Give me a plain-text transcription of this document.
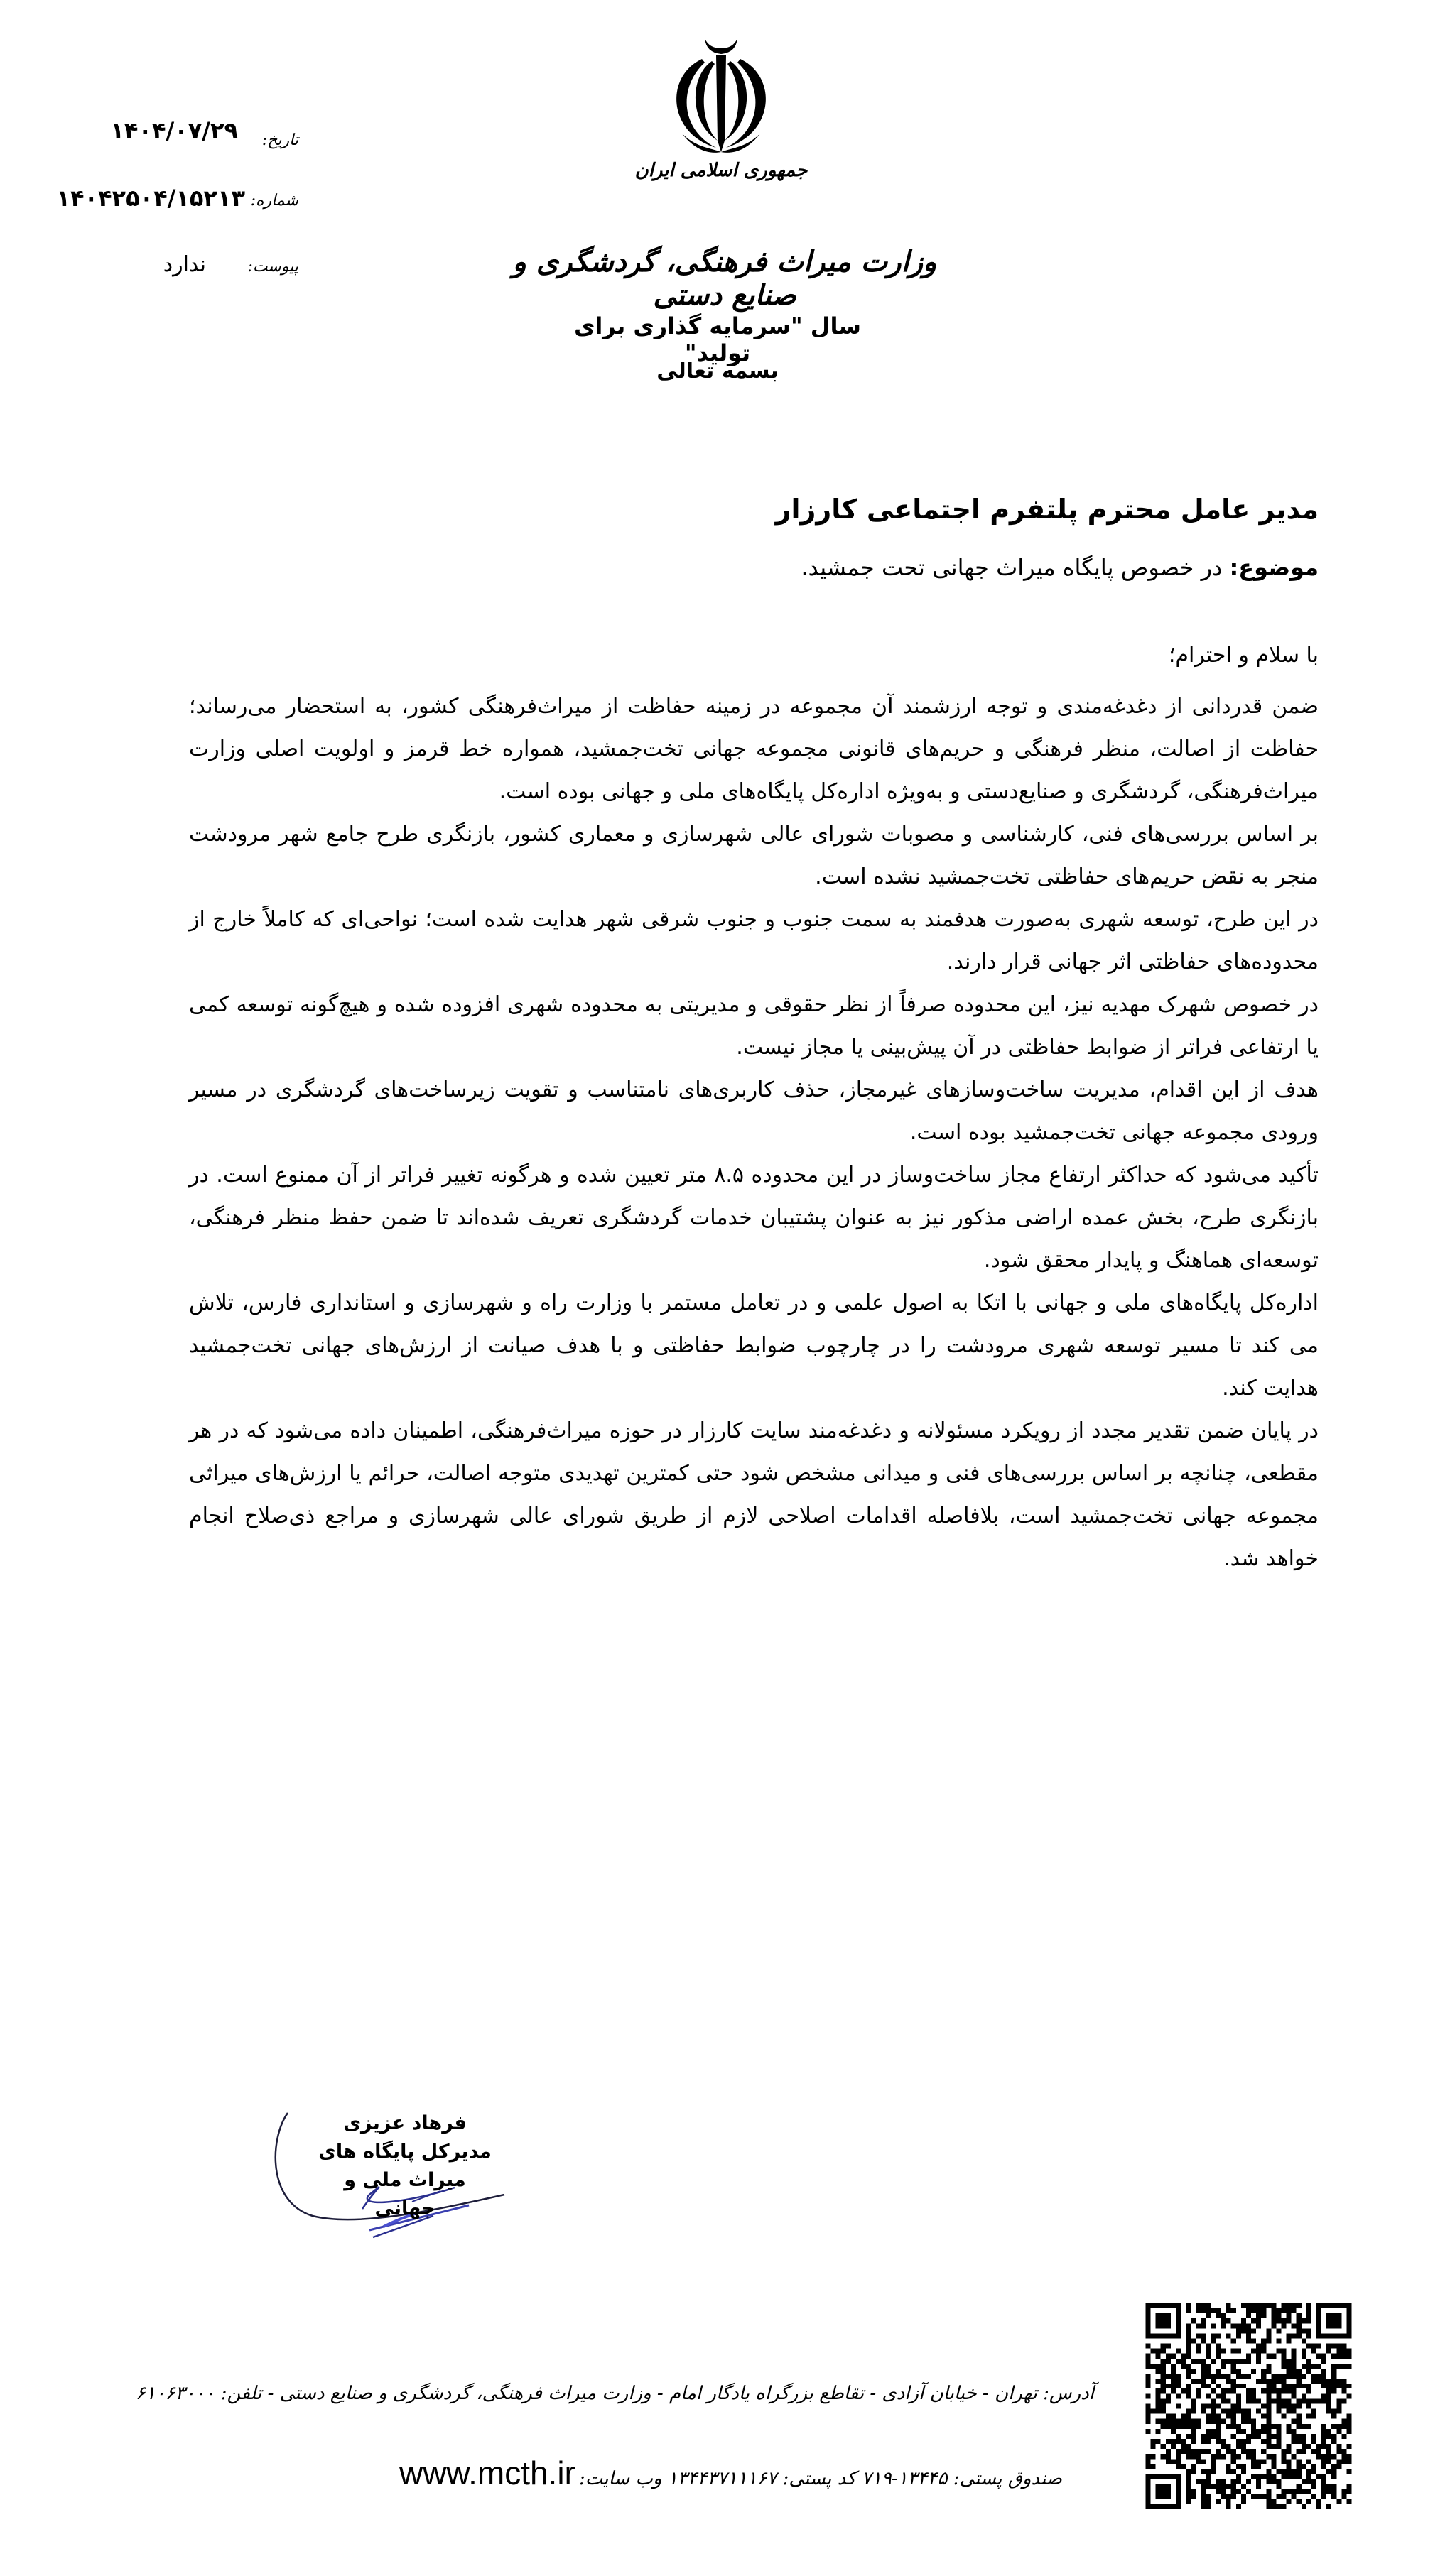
تاریخ:
۱۴۰۴/۰۷/۲۹
شماره:
۱۴۰۴۲۵۰۴/۱۵۲۱۳
پیوست:
ندارد
جمهوری اسلامی ایران
وزارت میراث فرهنگی، گردشگری و صنایع دستی
سال "سرمایه گذاری برای تولید"
بسمه تعالی
مدیر عامل محترم پلتفرم اجتماعی کارزار
موضوع: در خصوص پایگاه میراث جهانی تحت جمشید.

با سلام و احترام؛

ضمن قدردانی از دغدغه‌مندی و توجه ارزشمند آن مجموعه در زمینه حفاظت از میراث‌فرهنگی کشور، به استحضار می‌رساند؛ حفاظت از اصالت، منظر فرهنگی و حریم‌های قانونی مجموعه جهانی تخت‌جمشید، همواره خط قرمز و اولویت اصلی وزارت میراث‌فرهنگی، گردشگری و صنایع‌دستی و به‌ویژه اداره‌کل پایگاه‌های ملی و جهانی بوده است.

بر اساس بررسی‌های فنی، کارشناسی و مصوبات شورای عالی شهرسازی و معماری کشور، بازنگری طرح جامع شهر مرودشت منجر به نقض حریم‌های حفاظتی تخت‌جمشید نشده است.

در این طرح، توسعه شهری به‌صورت هدفمند به سمت جنوب و جنوب شرقی شهر هدایت شده است؛ نواحی‌ای که کاملاً خارج از محدوده‌های حفاظتی اثر جهانی قرار دارند.

در خصوص شهرک مهدیه نیز، این محدوده صرفاً از نظر حقوقی و مدیریتی به محدوده شهری افزوده شده و هیچ‌گونه توسعه کمی یا ارتفاعی فراتر از ضوابط حفاظتی در آن پیش‌بینی یا مجاز نیست.

هدف از این اقدام، مدیریت ساخت‌وسازهای غیرمجاز، حذف کاربری‌های نامتناسب و تقویت زیرساخت‌های گردشگری در مسیر ورودی مجموعه جهانی تخت‌جمشید بوده است.

تأکید می‌شود که حداکثر ارتفاع مجاز ساخت‌وساز در این محدوده ۸.۵ متر تعیین شده و هرگونه تغییر فراتر از آن ممنوع است. در بازنگری طرح، بخش عمده اراضی مذکور نیز به عنوان پشتیبان خدمات گردشگری تعریف شده‌اند تا ضمن حفظ منظر فرهنگی، توسعه‌ای هماهنگ و پایدار محقق شود.

اداره‌کل پایگاه‌های ملی و جهانی با اتکا به اصول علمی و در تعامل مستمر با وزارت راه و شهرسازی و استانداری فارس، تلاش می کند تا مسیر توسعه شهری مرودشت را در چارچوب ضوابط حفاظتی و با هدف صیانت از ارزش‌های جهانی تخت‌جمشید هدایت کند.

در پایان ضمن تقدیر مجدد از رویکرد مسئولانه و دغدغه‌مند سایت کارزار در حوزه میراث‌فرهنگی، اطمینان داده می‌شود که در هر مقطعی، چنانچه بر اساس بررسی‌های فنی و میدانی مشخص شود حتی کمترین تهدیدی متوجه اصالت، حرائم یا ارزش‌های میراثی مجموعه جهانی تخت‌جمشید است، بلافاصله اقدامات اصلاحی لازم از طریق شورای عالی شهرسازی و مراجع ذی‌صلاح انجام خواهد شد.

فرهاد عزیزی
مدیرکل پایگاه های
میراث ملی و جهانی
آدرس: تهران - خیابان آزادی - تقاطع بزرگراه یادگار امام - وزارت میراث فرهنگی، گردشگری و صنایع دستی - تلفن: ۶۱۰۶۳۰۰۰
صندوق پستی: ۱۳۴۴۵-۷۱۹ کد پستی: ۱۳۴۴۳۷۱۱۱۶۷ وب سایت: www.mcth.ir
